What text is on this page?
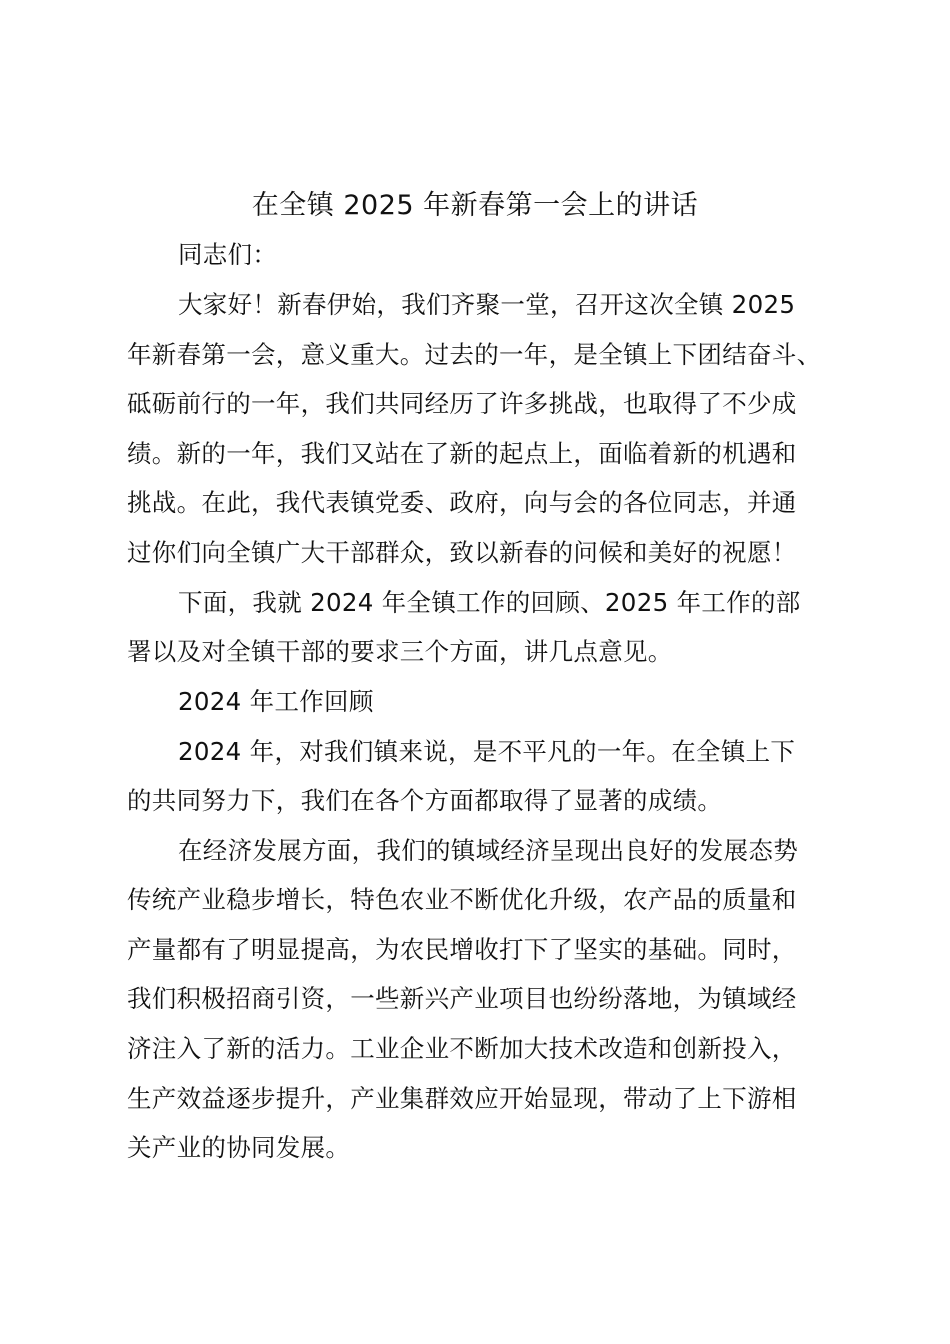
在全镇 2025 年新春第一会上的讲话
同志们：
大家好！新春伊始，我们齐聚一堂，召开这次全镇 2025
年新春第一会，意义重大。过去的一年，是全镇上下团结奋斗、
砥砺前行的一年，我们共同经历了许多挑战，也取得了不少成
绩。新的一年，我们又站在了新的起点上，面临着新的机遇和
挑战。在此，我代表镇党委、政府，向与会的各位同志，并通
过你们向全镇广大干部群众，致以新春的问候和美好的祝愿！
下面，我就 2024 年全镇工作的回顾、2025 年工作的部
署以及对全镇干部的要求三个方面，讲几点意见。
2024 年工作回顾
2024 年，对我们镇来说，是不平凡的一年。在全镇上下
的共同努力下，我们在各个方面都取得了显著的成绩。
在经济发展方面，我们的镇域经济呈现出良好的发展态势
传统产业稳步增长，特色农业不断优化升级，农产品的质量和
产量都有了明显提高，为农民增收打下了坚实的基础。同时，
我们积极招商引资，一些新兴产业项目也纷纷落地，为镇域经
济注入了新的活力。工业企业不断加大技术改造和创新投入，
生产效益逐步提升，产业集群效应开始显现，带动了上下游相
关产业的协同发展。
